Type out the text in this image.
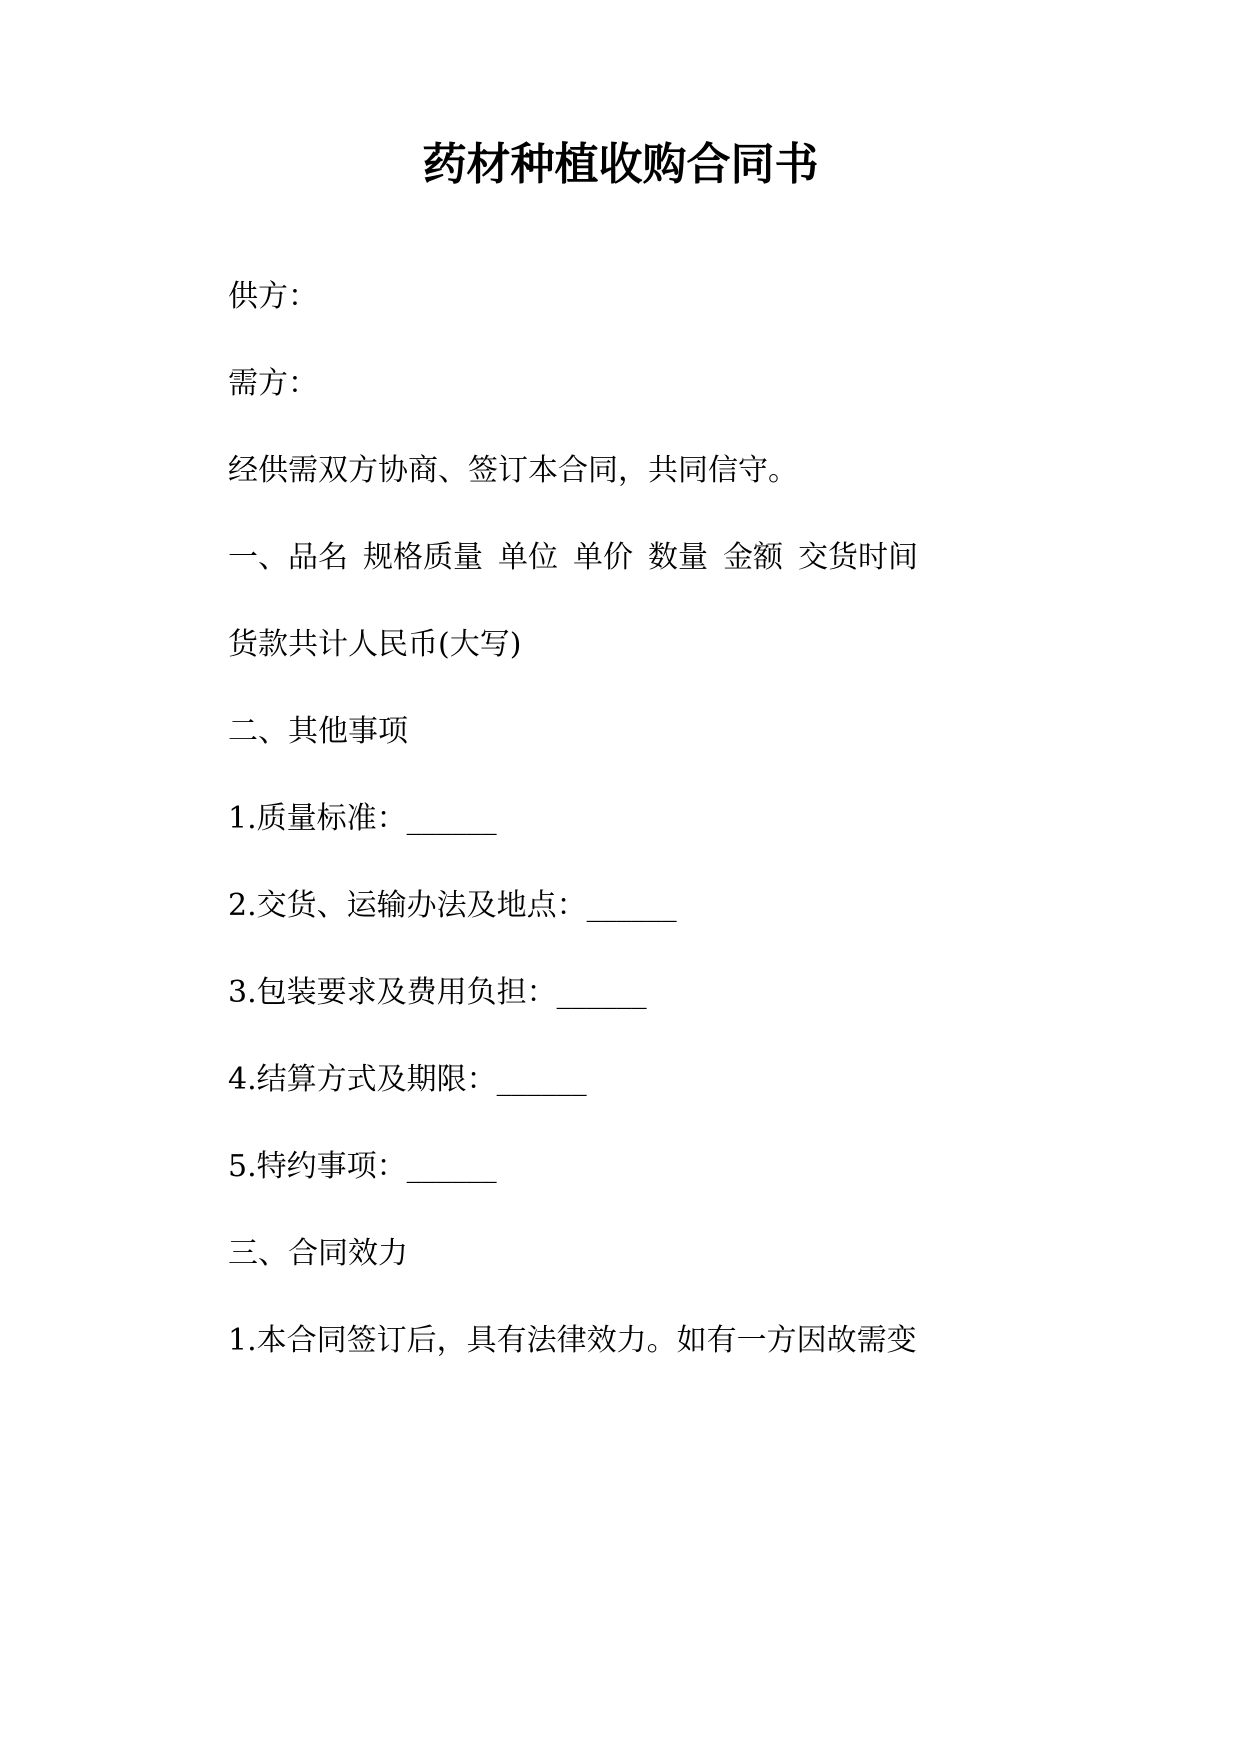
药材种植收购合同书

供方：

需方：

经供需双方协商、签订本合同，共同信守。

一、品名 规格质量 单位 单价 数量 金额 交货时间

货款共计人民币(大写)

二、其他事项

1.质量标准：______

2.交货、运输办法及地点：______

3.包装要求及费用负担：______

4.结算方式及期限：______

5.特约事项：______

三、合同效力

1.本合同签订后，具有法律效力。如有一方因故需变
